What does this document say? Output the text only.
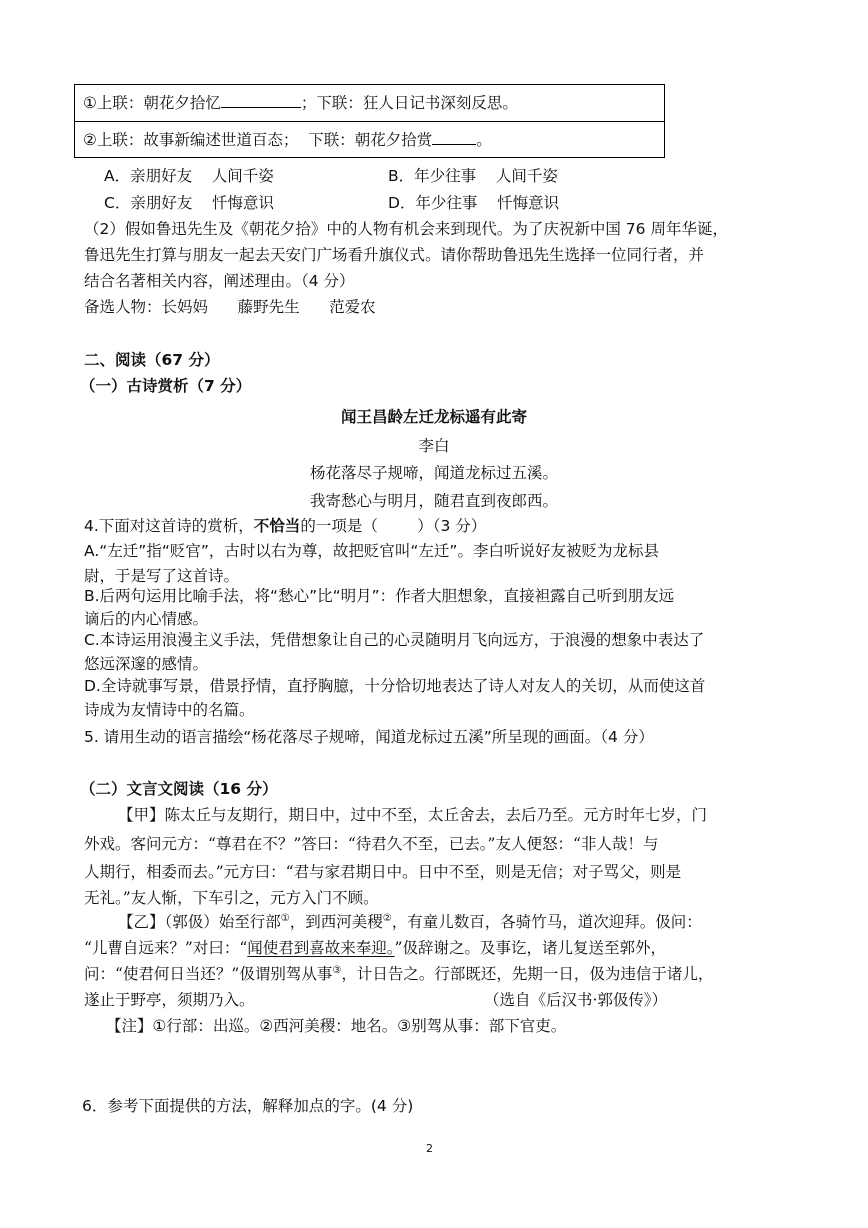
①上联：朝花夕拾忆	；下联：狂人日记书深刻反思。
②上联：故事新编述世道百态；  下联：朝花夕拾赏	。
A．亲朋好友    人间千姿	B．年少往事    人间千姿
C．亲朋好友    忏悔意识	D．年少往事    忏悔意识
（2）假如鲁迅先生及《朝花夕拾》中的人物有机会来到现代。为了庆祝新中国 76 周年华诞，
鲁迅先生打算与朋友一起去天安门广场看升旗仪式。请你帮助鲁迅先生选择一位同行者，并
结合名著相关内容，阐述理由。（4 分）
备选人物：长妈妈      藤野先生      范爱农
二、阅读（67 分）
（一）古诗赏析（7 分）
闻王昌龄左迁龙标遥有此寄
李白
杨花落尽子规啼，闻道龙标过五溪。
我寄愁心与明月，随君直到夜郎西。
4.下面对这首诗的赏析，不恰当的一项是（        ）（3 分）
A.“左迁”指“贬官”，古时以右为尊，故把贬官叫“左迁”。李白听说好友被贬为龙标县
尉，于是写了这首诗。
B.后两句运用比喻手法，将“愁心”比“明月”：作者大胆想象，直接袒露自己听到朋友远
谪后的内心情感。
C.本诗运用浪漫主义手法，凭借想象让自己的心灵随明月飞向远方，于浪漫的想象中表达了
悠远深邃的感情。
D.全诗就事写景，借景抒情，直抒胸臆，十分恰切地表达了诗人对友人的关切，从而使这首
诗成为友情诗中的名篇。
5. 请用生动的语言描绘“杨花落尽子规啼，闻道龙标过五溪”所呈现的画面。（4 分）
（二）文言文阅读（16 分）
【甲】陈太丘与友期行，期日中，过中不至，太丘舍去，去后乃至。元方时年七岁，门
外戏。客问元方：“尊君在不？”答曰：“待君久不至，已去。”友人便怒：“非人哉！与
人期行，相委而去。”元方曰：“君与家君期日中。日中不至，则是无信；对子骂父，则是
无礼。”友人惭，下车引之，元方入门不顾。
【乙】（郭伋）始至行部①，到西河美稷②，有童儿数百，各骑竹马，道次迎拜。伋问：
“儿曹自远来？”对曰：“闻使君到喜故来奉迎。”伋辞谢之。及事讫，诸儿复送至郭外，
问：“使君何日当还？”伋谓别驾从事③，计日告之。行部既还，先期一日，伋为违信于诸儿，
遂止于野亭，须期乃入。	（选自《后汉书·郭伋传》）
【注】①行部：出巡。②西河美稷：地名。③别驾从事：部下官吏。
6．参考下面提供的方法，解释加点的字。(4 分)
2
